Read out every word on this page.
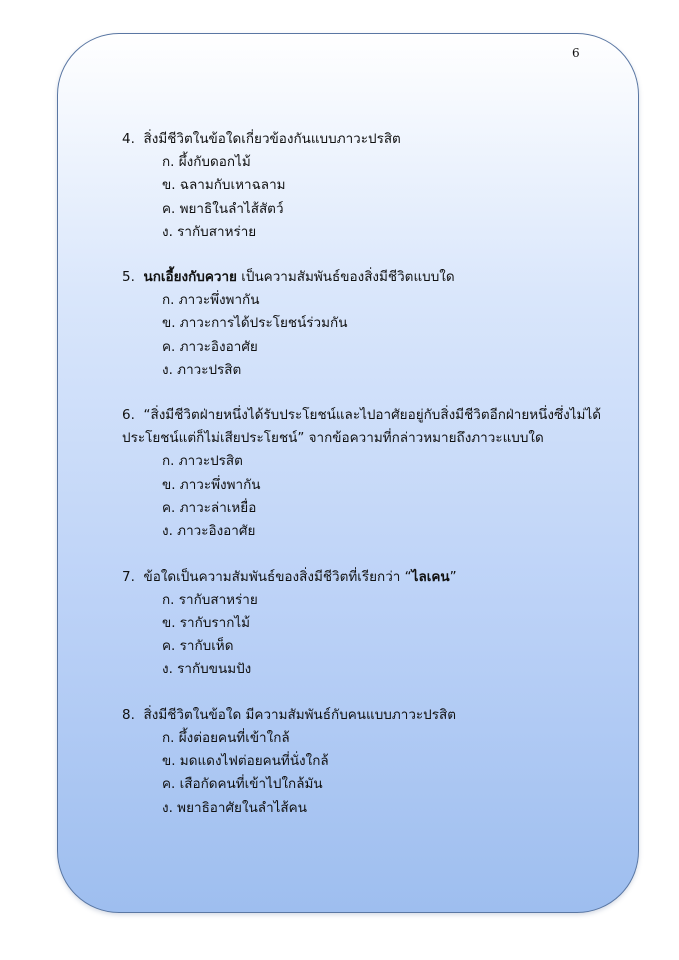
6
4. สิ่งมีชีวิตในข้อใดเกี่ยวข้องกันแบบภาวะปรสิต
ก. ผึ้งกับดอกไม้
ข. ฉลามกับเหาฉลาม
ค. พยาธิในลำไส้สัตว์
ง. รากับสาหร่าย
5. นกเอี้ยงกับควาย เป็นความสัมพันธ์ของสิ่งมีชีวิตแบบใด
ก. ภาวะพึ่งพากัน
ข. ภาวะการได้ประโยชน์ร่วมกัน
ค. ภาวะอิงอาศัย
ง. ภาวะปรสิต
6. “สิ่งมีชีวิตฝ่ายหนึ่งได้รับประโยชน์และไปอาศัยอยู่กับสิ่งมีชีวิตอีกฝ่ายหนึ่งซึ่งไม่ได้
ประโยชน์แต่ก็ไม่เสียประโยชน์” จากข้อความที่กล่าวหมายถึงภาวะแบบใด
ก. ภาวะปรสิต
ข. ภาวะพึ่งพากัน
ค. ภาวะล่าเหยื่อ
ง. ภาวะอิงอาศัย
7. ข้อใดเป็นความสัมพันธ์ของสิ่งมีชีวิตที่เรียกว่า “ไลเคน”
ก. รากับสาหร่าย
ข. รากับรากไม้
ค. รากับเห็ด
ง. รากับขนมปัง
8. สิ่งมีชีวิตในข้อใด มีความสัมพันธ์กับคนแบบภาวะปรสิต
ก. ผึ้งต่อยคนที่เข้าใกล้
ข. มดแดงไฟต่อยคนที่นั่งใกล้
ค. เสือกัดคนที่เข้าไปใกล้มัน
ง. พยาธิอาศัยในลำไส้คน
